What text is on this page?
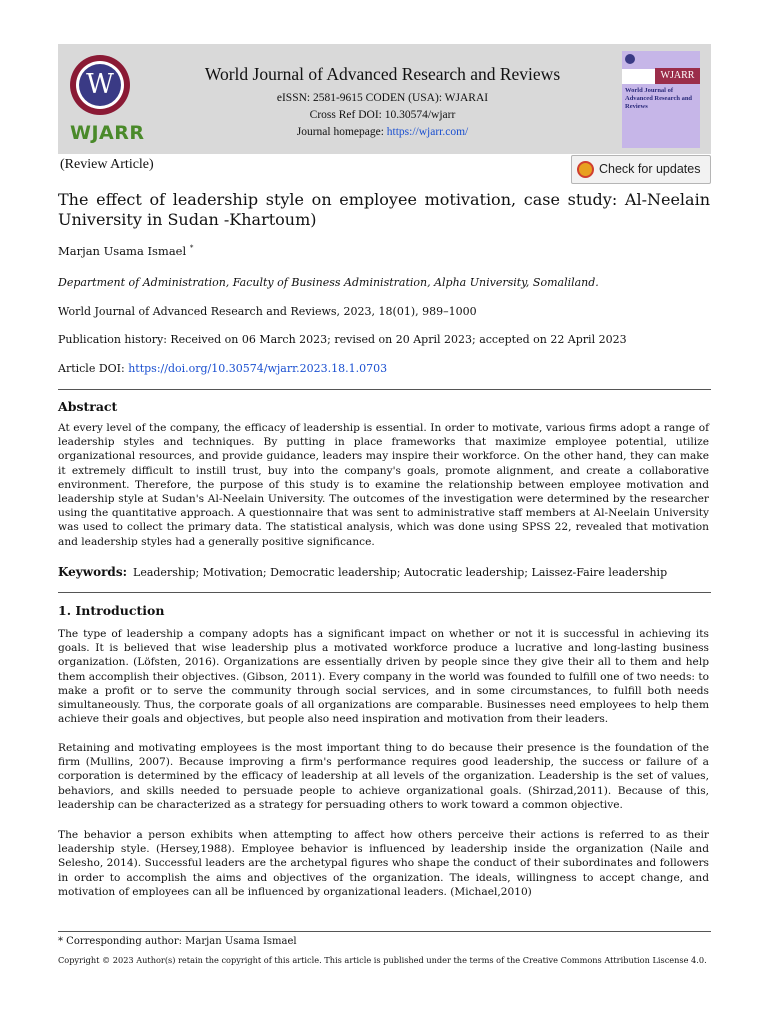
W
WJARR
World Journal of Advanced Research and Reviews
eISSN: 2581-9615 CODEN (USA): WJARAI
Cross Ref DOI: 10.30574/wjarr
Journal homepage: https://wjarr.com/
WJARR
World Journal of Advanced Research and Reviews
(Review Article)	Check for updates
The effect of leadership style on employee motivation, case study: Al-Neelain University in Sudan -Khartoum)
Marjan Usama Ismael *
Department of Administration, Faculty of Business Administration, Alpha University, Somaliland.
World Journal of Advanced Research and Reviews, 2023, 18(01), 989–1000
Publication history: Received on 06 March 2023; revised on 20 April 2023; accepted on 22 April 2023
Article DOI: https://doi.org/10.30574/wjarr.2023.18.1.0703
Abstract
At every level of the company, the efficacy of leadership is essential. In order to motivate, various firms adopt a range of leadership styles and techniques. By putting in place frameworks that maximize employee potential, utilize organizational resources, and provide guidance, leaders may inspire their workforce. On the other hand, they can make it extremely difficult to instill trust, buy into the company's goals, promote alignment, and create a collaborative environment. Therefore, the purpose of this study is to examine the relationship between employee motivation and leadership style at Sudan's Al-Neelain University. The outcomes of the investigation were determined by the researcher using the quantitative approach. A questionnaire that was sent to administrative staff members at Al-Neelain University was used to collect the primary data. The statistical analysis, which was done using SPSS 22, revealed that motivation and leadership styles had a generally positive significance.
Keywords: Leadership; Motivation; Democratic leadership; Autocratic leadership; Laissez-Faire leadership
1. Introduction
The type of leadership a company adopts has a significant impact on whether or not it is successful in achieving its goals. It is believed that wise leadership plus a motivated workforce produce a lucrative and long-lasting business organization. (Löfsten, 2016). Organizations are essentially driven by people since they give their all to them and help them accomplish their objectives. (Gibson, 2011). Every company in the world was founded to fulfill one of two needs: to make a profit or to serve the community through social services, and in some circumstances, to fulfill both needs simultaneously. Thus, the corporate goals of all organizations are comparable. Businesses need employees to help them achieve their goals and objectives, but people also need inspiration and motivation from their leaders.
Retaining and motivating employees is the most important thing to do because their presence is the foundation of the firm (Mullins, 2007). Because improving a firm's performance requires good leadership, the success or failure of a corporation is determined by the efficacy of leadership at all levels of the organization. Leadership is the set of values, behaviors, and skills needed to persuade people to achieve organizational goals. (Shirzad,2011). Because of this, leadership can be characterized as a strategy for persuading others to work toward a common objective.
The behavior a person exhibits when attempting to affect how others perceive their actions is referred to as their leadership style. (Hersey,1988). Employee behavior is influenced by leadership inside the organization (Naile and Selesho, 2014). Successful leaders are the archetypal figures who shape the conduct of their subordinates and followers in order to accomplish the aims and objectives of the organization. The ideals, willingness to accept change, and motivation of employees can all be influenced by organizational leaders. (Michael,2010)
* Corresponding author: Marjan Usama Ismael
Copyright © 2023 Author(s) retain the copyright of this article. This article is published under the terms of the Creative Commons Attribution Liscense 4.0.
